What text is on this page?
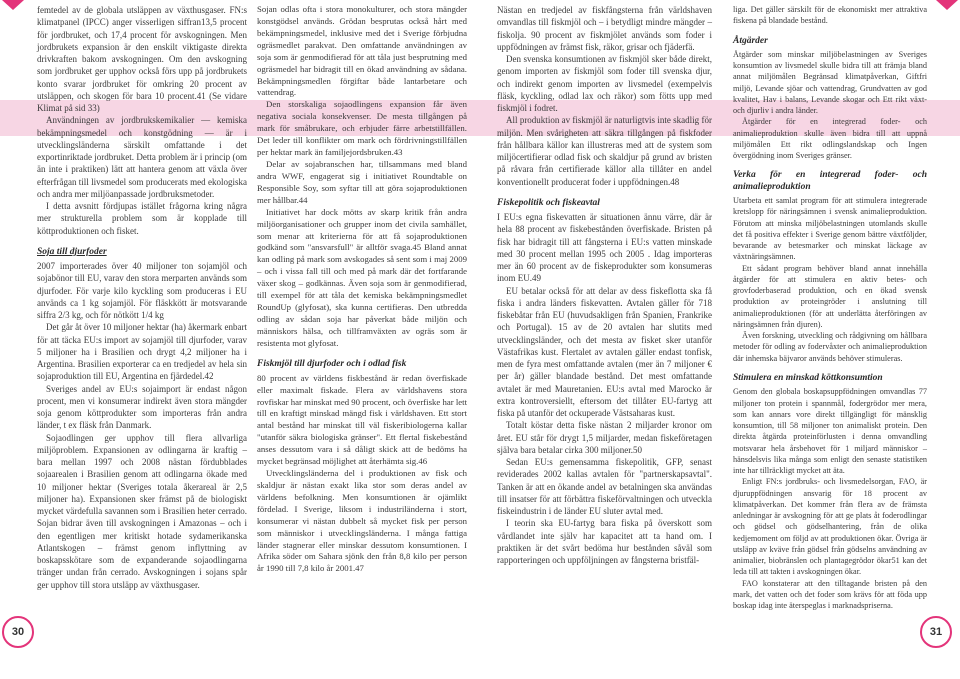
femtedel av de globala utsläppen av växthusgaser. FN:s klimatpanel (IPCC) anger visserligen siffran13,5 procent för jordbruket, och 17,4 procent för avskogningen. Men jordbrukets expansion är den enskilt viktigaste direkta drivkraften bakom avskogningen. Om den avskogning som jordbruket ger upphov också förs upp på jordbrukets konto svarar jordbruket för omkring 20 procent av utsläppen, och skogen för bara 10 procent.41 (Se vidare Klimat på sid 33)

Användningen av jordbrukskemikalier — kemiska bekämpningsmedel och konstgödning — är i utvecklingsländerna särskilt omfattande i det exportinriktade jordbruket. Detta problem är i princip (om än inte i praktiken) lätt att hantera genom att växla över efterfrågan till livsmedel som producerats med ekologiska och andra mer miljöanpassade jordbruksmetoder.

I detta avsnitt fördjupas istället frågorna kring några mer strukturella problem som är kopplade till köttproduktionen och fisket.

Soja till djurfoder

2007 importerades över 40 miljoner ton sojamjöl och sojabönor till EU, varav den stora merparten används som djurfoder. För varje kilo kyckling som produceras i EU används ca 1 kg sojamjöl. För fläskkött är motsvarande siffra 2/3 kg, och för nötkött 1/4 kg

Det går åt över 10 miljoner hektar (ha) åkermark enbart för att täcka EU:s import av sojamjöl till djurfoder, varav 5 miljoner ha i Brasilien och drygt 4,2 miljoner ha i Argentina. Brasilien exporterar ca en tredjedel av hela sin sojaproduktion till EU, Argentina en fjärdedel.42

Sveriges andel av EU:s sojaimport är endast någon procent, men vi konsumerar indirekt även stora mängder soja genom köttprodukter som importeras från andra länder, t ex fläsk från Danmark.

Sojaodlingen ger upphov till flera allvarliga miljöproblem. Expansionen av odlingarna är kraftig – bara mellan 1997 och 2008 nästan fördubblades sojaarealen i Brasilien genom att odlingarna ökade med 10 miljoner hektar (Sveriges totala åkerareal är 2,5 miljoner ha). Expansionen sker främst på de biologiskt mycket värdefulla savannen som i Brasilien heter cerrado. Sojan bidrar även till avskogningen i Amazonas – och i den egentligen mer kritiskt hotade sydamerikanska Atlantskogen – främst genom inflyttning av boskapsskötare som de expanderande sojaodlingarna tränger undan från cerrado. Avskogningen i sojans spår ger upphov till stora utsläpp av växthusgaser.

Sojan odlas ofta i stora monokulturer, och stora mängder konstgödsel används. Grödan besprutas också hårt med bekämpningsmedel, inklusive med det i Sverige förbjudna ogräsmedlet parakvat. Den omfattande användningen av soja som är genmodifierad för att tåla just besprutning med ogräsmedel har bidragit till en ökad användning av sådana. Bekämpningsmedlen förgiftar både lantarbetare och vattendrag.

Den storskaliga sojaodlingens expansion får även negativa sociala konsekvenser. De mesta tillgången på mark för småbrukare, och erbjuder färre arbetstillfällen. Det leder till konflikter om mark och fördrivningstillfällen per hektar mark än familjejordsbruken.43

Delar av sojabranschen har, tillsammans med bland andra WWF, engagerat sig i initiativet Roundtable on Responsible Soy, som syftar till att göra sojaproduktionen mer hållbar.44

Initiativet har dock mötts av skarp kritik från andra miljöorganisationer och grupper inom det civila samhället, som menar att kriterierna för att få sojaproduktionen godkänd som "ansvarsfull" är alltför svaga.45 Bland annat kan odling på mark som avskogades så sent som i maj 2009 – och i vissa fall till och med på mark där det fortfarande växer skog – godkännas. Även soja som är genmodifierad, till exempel för att tåla det kemiska bekämpningsmedlet RoundUp (glyfosat), ska kunna certifieras. Den utbredda odling av sådan soja har påverkat både miljön och människors hälsa, och tillframväxten av ogräs som är resistenta mot glyfosat.

Fiskmjöl till djurfoder och i odlad fisk

80 procent av världens fiskbestånd är redan överfiskade eller maximalt fiskade. Flera av världshavens stora rovfiskar har minskat med 90 procent, och överfiske har lett till en kraftigt minskad mängd fisk i världshaven. Ett stort antal bestånd har minskat till väl fiskeribiologerna kallar "utanför säkra biologiska gränser". Ett flertal fiskebestånd anses dessutom vara i så dåligt skick att de bedöms ha mycket begränsad möjlighet att återhämta sig.46

Utvecklingsländerna del i produktionen av fisk och skaldjur är nästan exakt lika stor som deras andel av världens befolkning. Men konsumtionen är ojämlikt fördelad. I Sverige, liksom i industriländerna i stort, konsumerar vi nästan dubbelt så mycket fisk per person som människor i utvecklingsländerna. I många fattiga länder stagnerar eller minskar dessutom konsumtionen. I Afrika söder om Sahara sjönk den från 8,8 kilo per person år 1990 till 7,8 kilo år 2001.47

Nästan en tredjedel av fiskfångsterna från världshaven omvandlas till fiskmjöl och – i betydligt mindre mängder – fiskolja. 90 procent av fiskmjölet används som foder i uppfödningen av främst fisk, räkor, grisar och fjäderfä.

Den svenska konsumtionen av fiskmjöl sker både direkt, genom importen av fiskmjöl som foder till svenska djur, och indirekt genom importen av livsmedel (exempelvis fläsk, kyckling, odlad lax och räkor) som fötts upp med fiskmjöl i fodret.

All produktion av fiskmjöl är naturligtvis inte skadlig för miljön. Men svårigheten att säkra tillgången på fiskfoder från hållbara källor kan illustreras med att de system som miljöcertifierar odlad fisk och skaldjur på grund av bristen på råvara från certifierade källor alla tillåter en andel konventionellt producerat foder i uppfödningen.48

Fiskepolitik och fiskeavtal

I EU:s egna fiskevatten är situationen ännu värre, där är hela 88 procent av fiskebestånden överfiskade. Bristen på fisk har bidragit till att fångsterna i EU:s vatten minskade med 30 procent mellan 1995 och 2005 . Idag importeras mer än 60 procent av de fiskeprodukter som konsumeras inom EU.49

EU betalar också för att delar av dess fiskeflotta ska få fiska i andra länders fiskevatten. Avtalen gäller för 718 fiskebåtar från EU (huvudsakligen från Spanien, Frankrike och Portugal). 15 av de 20 avtalen har slutits med utvecklingsländer, och det mesta av fisket sker utanför Västafrikas kust. Flertalet av avtalen gäller endast tonfisk, men de fyra mest omfattande avtalen (mer än 7 miljoner € per år) gäller blandade bestånd. Det mest omfattande avtalet är med Mauretanien. EU:s avtal med Marocko är extra kontroversiellt, eftersom det tillåter EU-fartyg att fiska på utanför det ockuperade Västsaharas kust.

Totalt köstar detta fiske nästan 2 miljarder kronor om året. EU står för drygt 1,5 miljarder, medan fiskeföretagen själva bara betalar cirka 300 miljoner.50

Sedan EU:s gemensamma fiskepolitik, GFP, senast reviderades 2002 kallas avtalen för "partnerskapsavtal". Tanken är att en ökande andel av betalningen ska användas till insatser för att förbättra fiskeförvaltningen och utveckla fiskeindustrin i de länder EU sluter avtal med.

I teorin ska EU-fartyg bara fiska på överskott som vårdlandet inte själv har kapacitet att ta hand om. I praktiken är det svårt bedöma hur bestånden såväl som rapporteringen och uppföljningen av fångsterna bristfäl-

liga. Det gäller särskilt för de ekonomiskt mer attraktiva fiskena på blandade bestånd.

Åtgärder

Åtgärder som minskar miljöbelastningen av Sveriges konsumtion av livsmedel skulle bidra till att främja bland annat miljömålen Begränsad klimatpåverkan, Giftfri miljö, Levande sjöar och vattendrag, Grundvatten av god kvalitet, Hav i balans, Levande skogar och Ett rikt växt- och djurliv i andra länder.

Åtgärder för en integrerad foder- och animalieproduktion skulle även bidra till att uppnå miljömålen Ett rikt odlingslandskap och Ingen övergödning inom Sveriges gränser.

Verka för en integrerad foder- och animalieproduktion

Utarbeta ett samlat program för att stimulera integrerade kretslopp för näringsämnen i svensk animalieproduktion. Förutom att minska miljöbelastningen utomlands skulle det få positiva effekter i Sverige genom bättre växtföljder, bevarande av betesmarker och minskat läckage av växtnäringsämnen.

Ett sådant program behöver bland annat innehålla åtgärder för att stimulera en aktiv betes- och grovfoderbaserad produktion, och en ökad svensk produktion av proteingröder i anslutning till animalieproduktionen (för att underlätta återföringen av näringsämnen från djuren).

Även forskning, utveckling och rådgivning om hållbara metoder för odling av fodervåxter och animalieproduktion där inhemska bäjvaror används behöver stimuleras.

Stimulera en minskad köttkonsumtion

Genom den globala boskapsuppfödningen omvandlas 77 miljoner ton protein i spannmål, fodergrödor mer mera, som kan annars vore direkt tillgängligt för mänsklig konsumtion, till 58 miljoner ton animaliskt protein. Den direkta åtgärda proteinförlusten i denna omvandling motsvarar hela årsbehovet för 1 miljard människor – hänsdelsvis lika många som enligt den senaste statistiken inte har tillräckligt mycket att äta.

Enligt FN:s jordbruks- och livsmedelsorgan, FAO, är djuruppfödningen ansvarig för 18 procent av klimatpåverkan. Det kommer från flera av de främsta anledningar är avskogning för att ge plats åt foderodlingar och gödsel och gödselhantering, från de olika kedjemoment om följd av att produktionen ökar. Övriga är utsläpp av kväve från gödsel från gödselns användning av animalier, biobränslen och plantagegrödor ökar51 kan det leda till att takten i avskogningen ökar.

FAO konstaterar att den tilltagande bristen på den mark, det vatten och det foder som krävs för att föda upp boskap idag inte äterspeglas i marknadspriserna.

30	31
